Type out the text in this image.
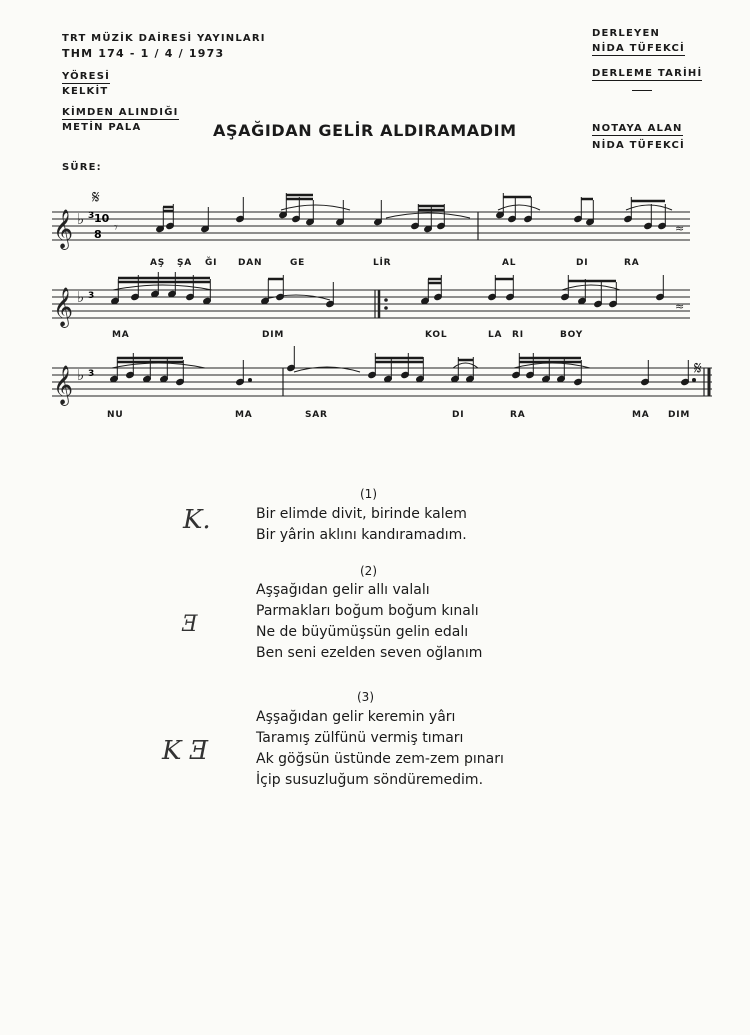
TRT MÜZİK DAİRESİ YAYINLARI
THM 174 - 1 / 4 / 1973
YÖRESİ
KELKİT
KİMDEN ALINDIĞI
METİN PALA
SÜRE:
DERLEYEN
NİDA TÜFEKCİ
DERLEME TARİHİ
NOTAYA ALAN
NİDA TÜFEKCİ
AŞAĞIDAN GELİR ALDIRAMADIM
𝄞
𝄞
𝄞
♭
♭
♭
𝄋
𝄋
𝄾
3 10
8
3
3
≈
≈
AŞ ŞA ĞI DAN	GE	LİR	AL	DI	RA
MA	DIM	KOL	LA RI	BOY
NU	MA	SAR	DI	RA	MA DIM
(1)
K.	Bir elimde divit, birinde kalem
Bir yârin aklını kandıramadım.
(2)
Ǝ
Aşşağıdan gelir allı valalı
Parmakları boğum boğum kınalı
Ne de büyümüşsün gelin edalı
Ben seni ezelden seven oğlanım
(3)
K Ǝ
Aşşağıdan gelir keremin yârı
Taramış zülfünü vermiş tımarı
Ak göğsün üstünde zem-zem pınarı
İçip susuzluğum söndüremedim.
